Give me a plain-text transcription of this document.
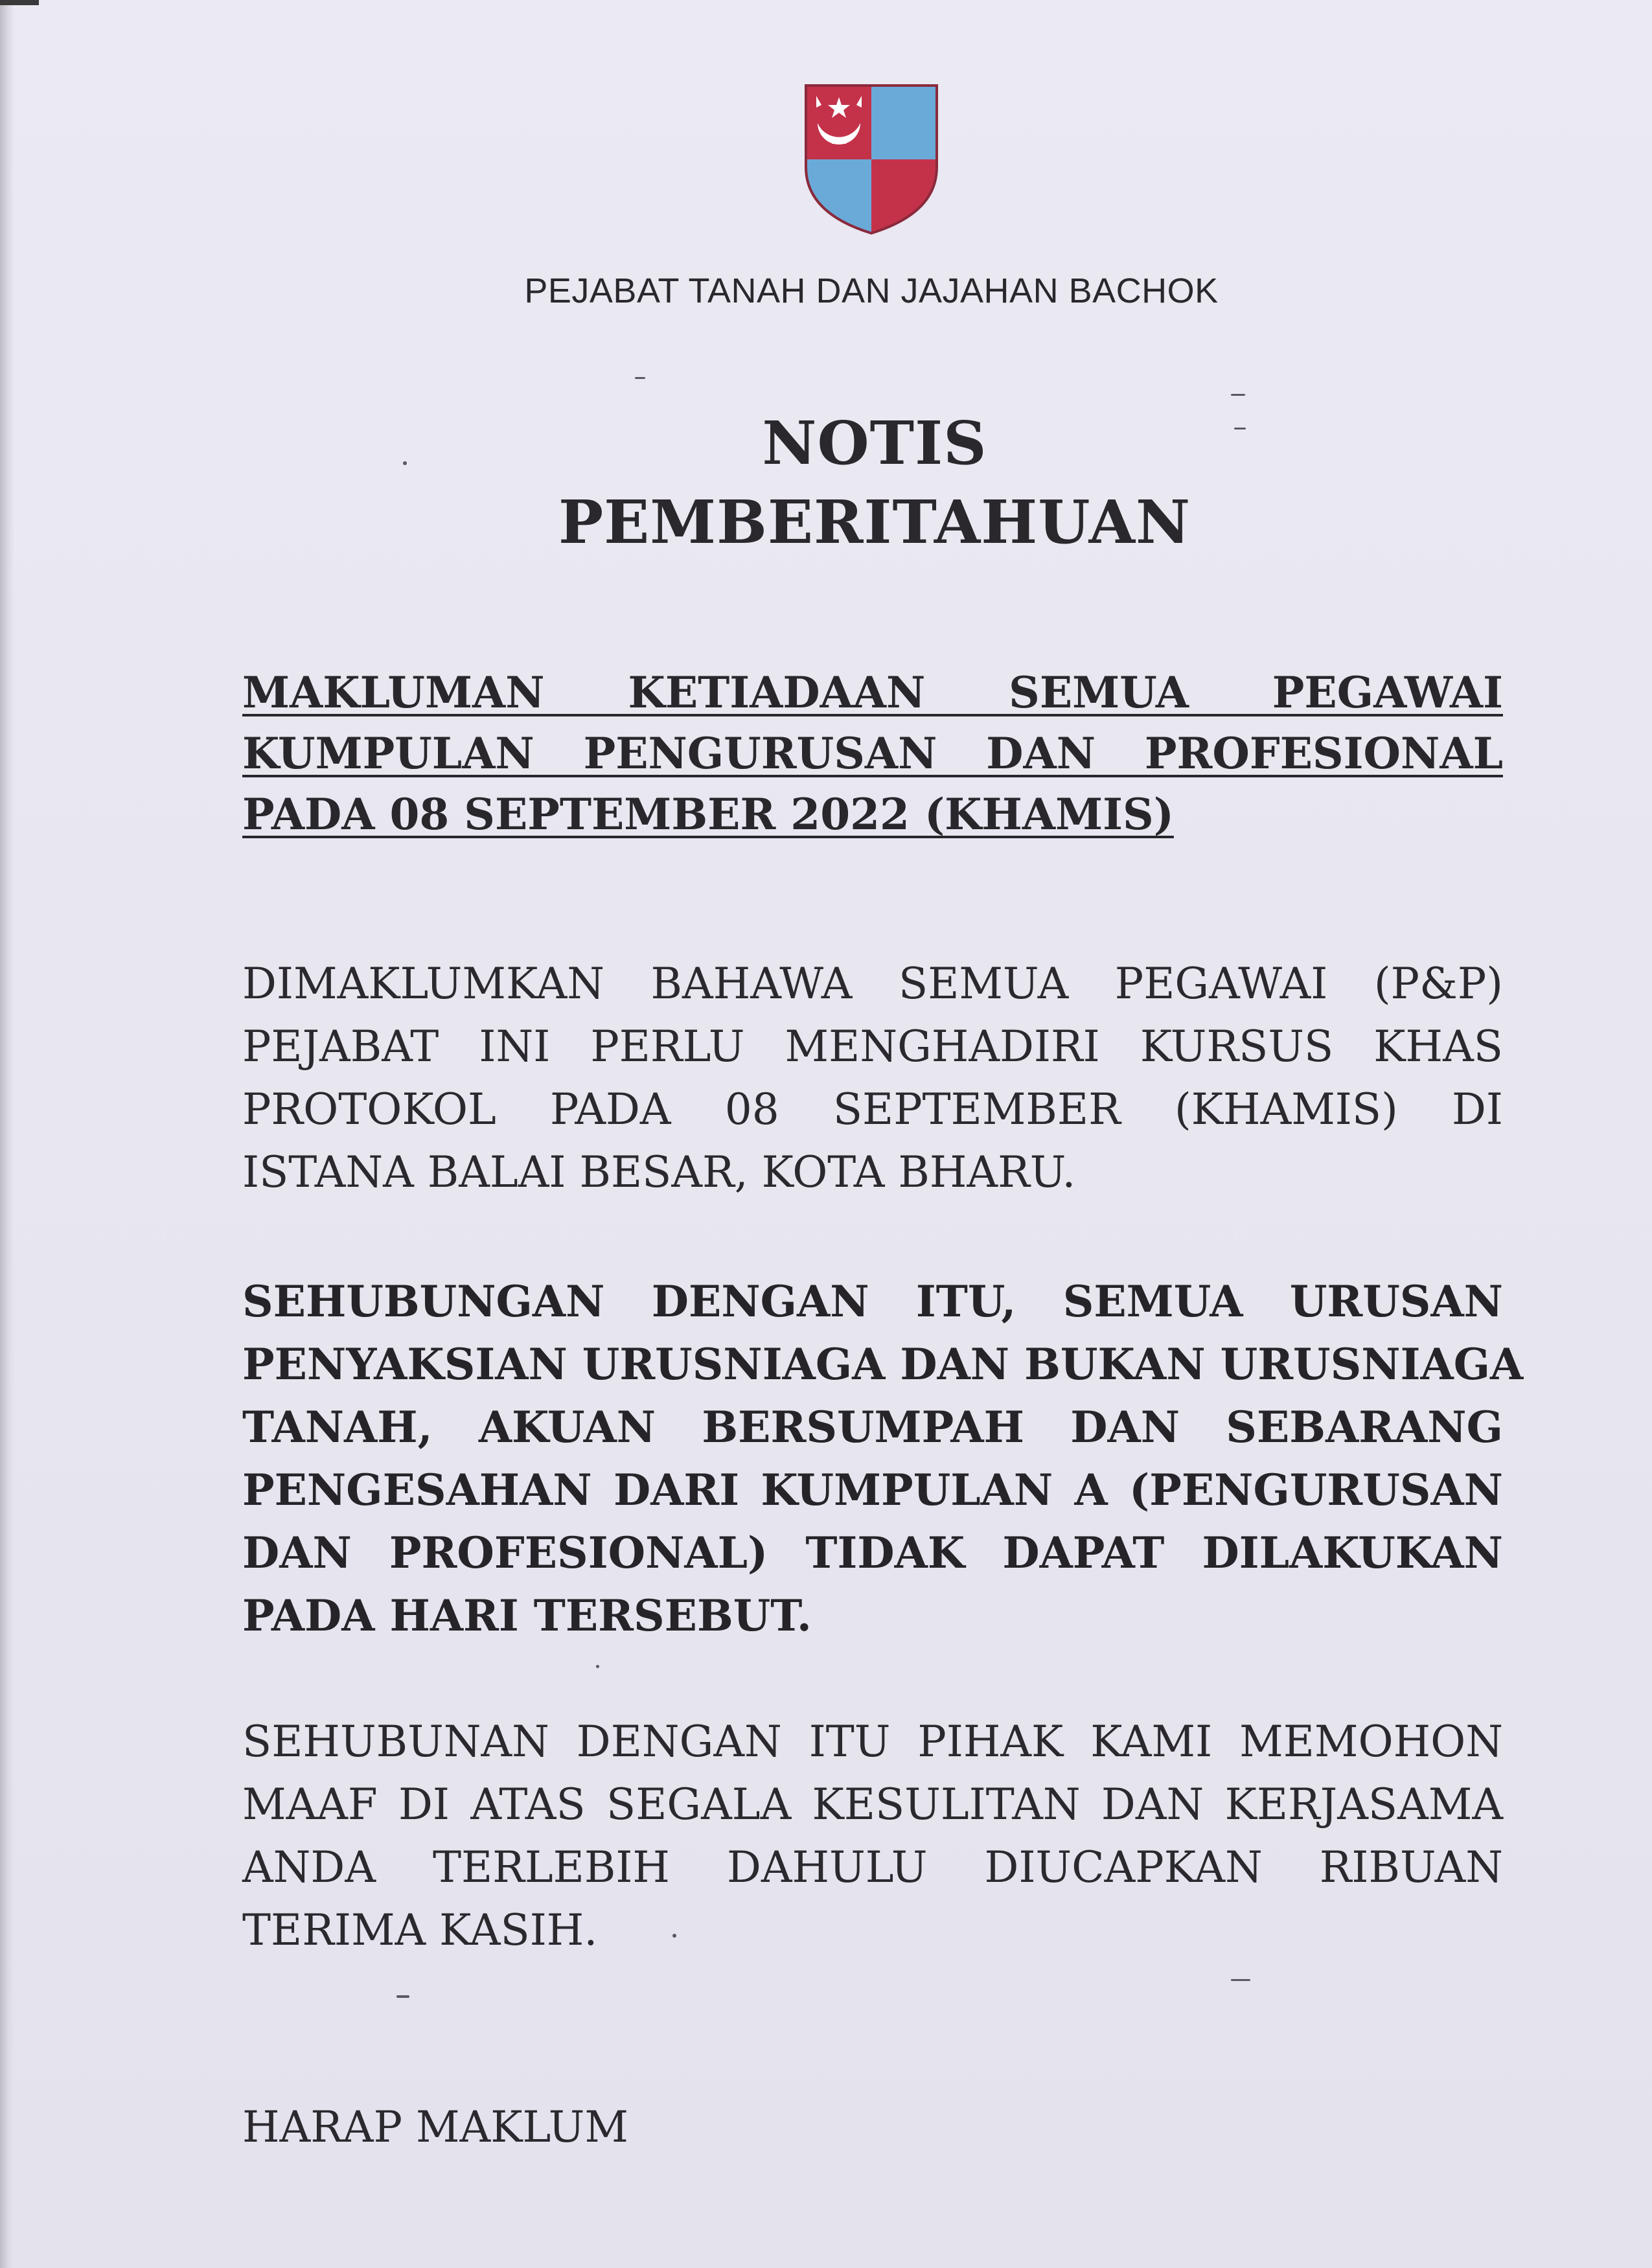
PEJABAT TANAH DAN JAJAHAN BACHOK
NOTIS
PEMBERITAHUAN
MAKLUMAN KETIADAAN SEMUA PEGAWAI
KUMPULAN PENGURUSAN DAN PROFESIONAL
PADA 08 SEPTEMBER 2022 (KHAMIS)
DIMAKLUMKAN BAHAWA SEMUA PEGAWAI (P&P)
PEJABAT INI PERLU MENGHADIRI KURSUS KHAS
PROTOKOL PADA 08 SEPTEMBER (KHAMIS) DI
ISTANA BALAI BESAR, KOTA BHARU.
SEHUBUNGAN DENGAN ITU, SEMUA URUSAN
PENYAKSIAN URUSNIAGA DAN BUKAN URUSNIAGA
TANAH, AKUAN BERSUMPAH DAN SEBARANG
PENGESAHAN DARI KUMPULAN A (PENGURUSAN
DAN PROFESIONAL) TIDAK DAPAT DILAKUKAN
PADA HARI TERSEBUT.
SEHUBUNAN DENGAN ITU PIHAK KAMI MEMOHON
MAAF DI ATAS SEGALA KESULITAN DAN KERJASAMA
ANDA TERLEBIH DAHULU DIUCAPKAN RIBUAN
TERIMA KASIH.
HARAP MAKLUM
